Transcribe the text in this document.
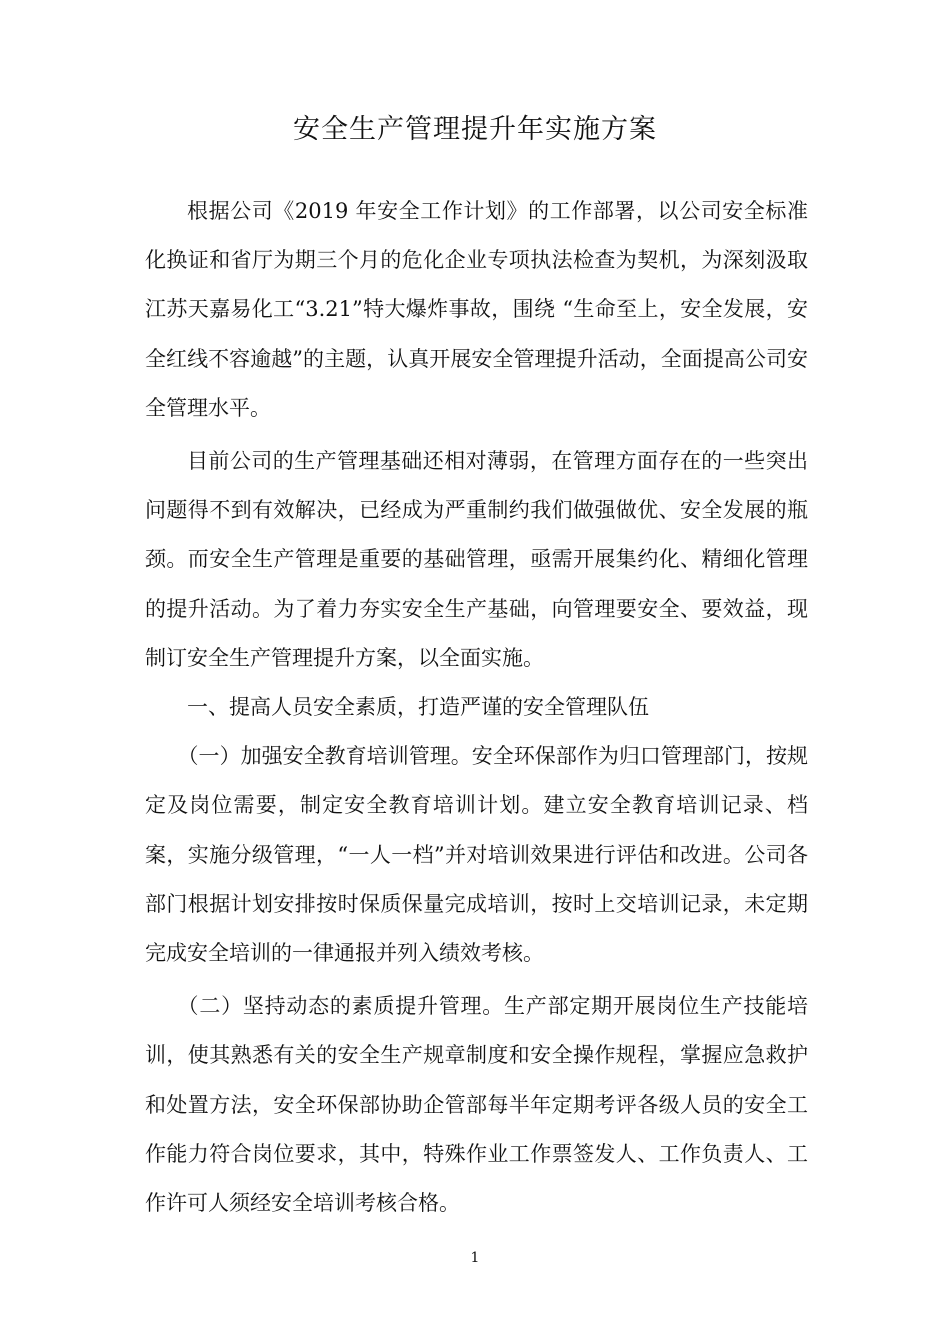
安全生产管理提升年实施方案

根据公司《2019 年安全工作计划》的工作部署，以公司安全标准化换证和省厅为期三个月的危化企业专项执法检查为契机，为深刻汲取江苏天嘉易化工“3.21”特大爆炸事故，围绕 “生命至上，安全发展，安全红线不容逾越”的主题，认真开展安全管理提升活动，全面提高公司安全管理水平。

目前公司的生产管理基础还相对薄弱，在管理方面存在的一些突出问题得不到有效解决，已经成为严重制约我们做强做优、安全发展的瓶颈。而安全生产管理是重要的基础管理，亟需开展集约化、精细化管理的提升活动。为了着力夯实安全生产基础，向管理要安全、要效益，现制订安全生产管理提升方案，以全面实施。

一、提高人员安全素质，打造严谨的安全管理队伍

（一）加强安全教育培训管理。安全环保部作为归口管理部门，按规定及岗位需要，制定安全教育培训计划。建立安全教育培训记录、档案，实施分级管理，“一人一档”并对培训效果进行评估和改进。公司各部门根据计划安排按时保质保量完成培训，按时上交培训记录，未定期完成安全培训的一律通报并列入绩效考核。

（二）坚持动态的素质提升管理。生产部定期开展岗位生产技能培训，使其熟悉有关的安全生产规章制度和安全操作规程，掌握应急救护和处置方法，安全环保部协助企管部每半年定期考评各级人员的安全工作能力符合岗位要求，其中，特殊作业工作票签发人、工作负责人、工作许可人须经安全培训考核合格。

1
